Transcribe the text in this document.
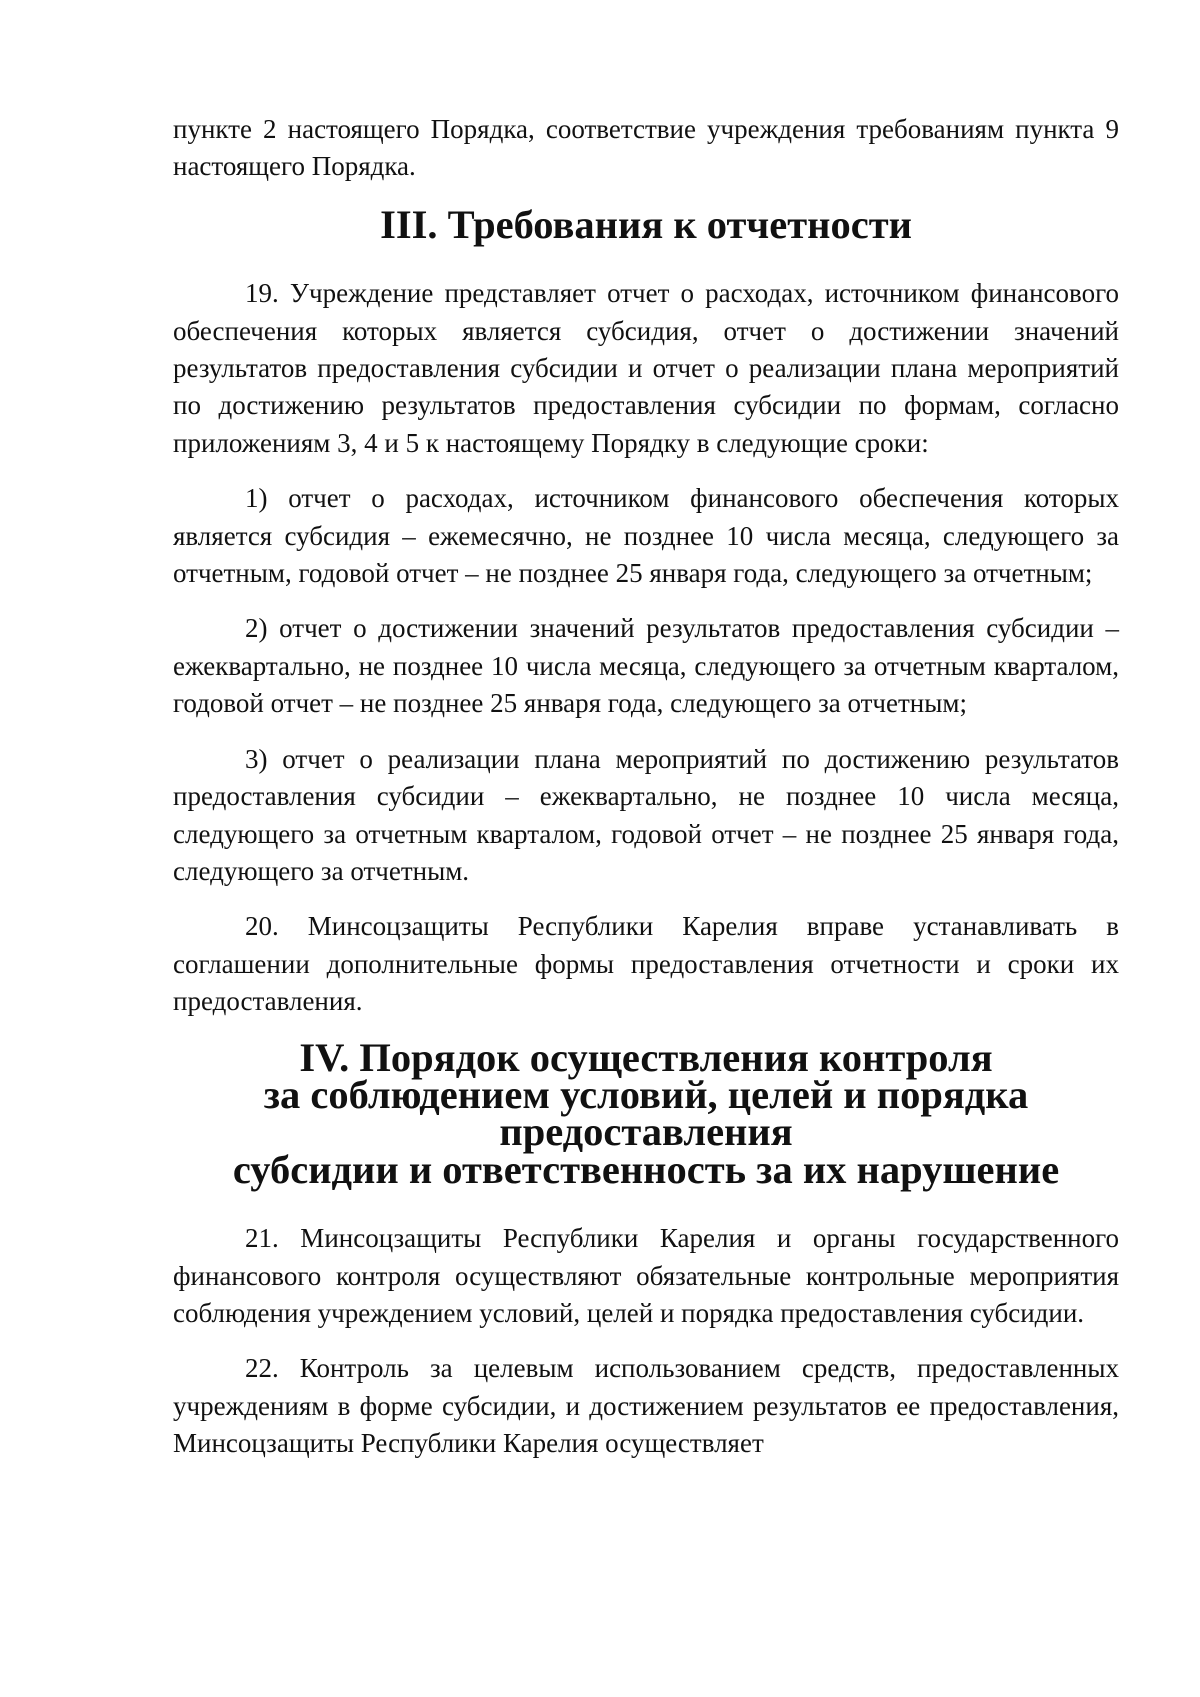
пункте 2 настоящего Порядка, соответствие учреждения требованиям пункта 9 настоящего Порядка.

III. Требования к отчетности

19. Учреждение представляет отчет о расходах, источником финансового обеспечения которых является субсидия, отчет о достижении значений результатов предоставления субсидии и отчет о реализации плана мероприятий по достижению результатов предоставления субсидии по формам, согласно приложениям 3, 4 и 5 к настоящему Порядку в следующие сроки:

1) отчет о расходах, источником финансового обеспечения которых является субсидия – ежемесячно, не позднее 10 числа месяца, следующего за отчетным, годовой отчет – не позднее 25 января года, следующего за отчетным;

2) отчет о достижении значений результатов предоставления субсидии – ежеквартально, не позднее 10 числа месяца, следующего за отчетным кварталом, годовой отчет – не позднее 25 января года, следующего за отчетным;

3) отчет о реализации плана мероприятий по достижению результатов предоставления субсидии – ежеквартально, не позднее 10 числа месяца, следующего за отчетным кварталом, годовой отчет – не позднее 25 января года, следующего за отчетным.

20. Минсоцзащиты Республики Карелия вправе устанавливать в соглашении дополнительные формы предоставления отчетности и сроки их предоставления.

IV. Порядок осуществления контроля
за соблюдением условий, целей и порядка предоставления
субсидии и ответственность за их нарушение

21. Минсоцзащиты Республики Карелия и органы государственного финансового контроля осуществляют обязательные контрольные мероприятия соблюдения учреждением условий, целей и порядка предоставления субсидии.

22. Контроль за целевым использованием средств, предоставленных учреждениям в форме субсидии, и достижением результатов ее предоставления, Минсоцзащиты Республики Карелия осуществляет
